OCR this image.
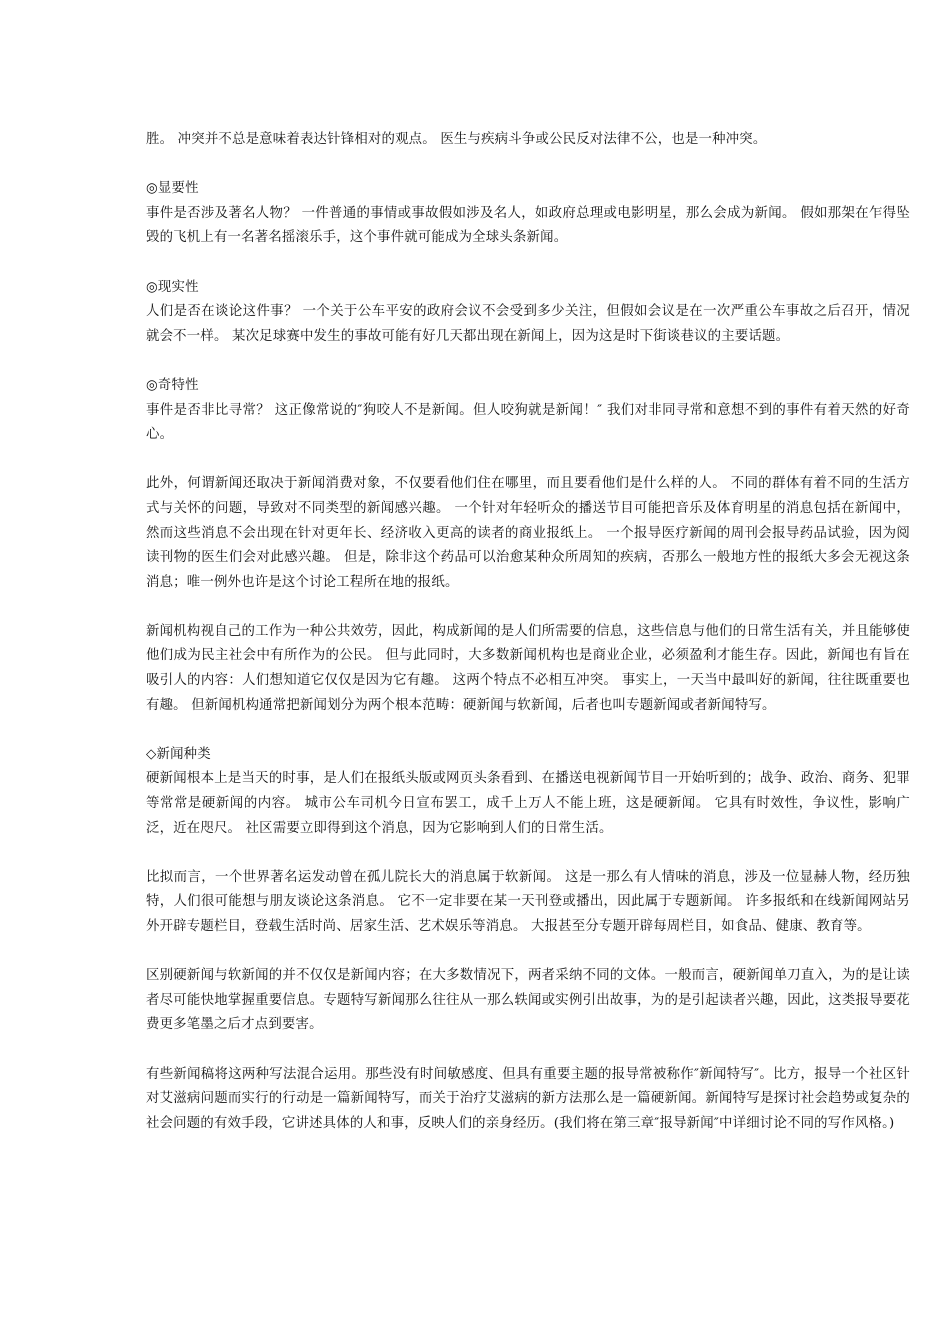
胜。 冲突并不总是意味着表达针锋相对的观点。 医生与疾病斗争或公民反对法律不公，也是一种冲突。

◎显要性
事件是否涉及著名人物？ 一件普通的事情或事故假如涉及名人，如政府总理或电影明星，那么会成为新闻。 假如那架在乍得坠毁的飞机上有一名著名摇滚乐手，这个事件就可能成为全球头条新闻。
◎现实性
人们是否在谈论这件事？ 一个关于公车平安的政府会议不会受到多少关注，但假如会议是在一次严重公车事故之后召开，情况就会不一样。 某次足球赛中发生的事故可能有好几天都出现在新闻上，因为这是时下街谈巷议的主要话题。
◎奇特性
事件是否非比寻常？ 这正像常说的″狗咬人不是新闻。但人咬狗就是新闻！″ 我们对非同寻常和意想不到的事件有着天然的好奇心。

此外，何谓新闻还取决于新闻消费对象，不仅要看他们住在哪里，而且要看他们是什么样的人。 不同的群体有着不同的生活方式与关怀的问题，导致对不同类型的新闻感兴趣。 一个针对年轻听众的播送节目可能把音乐及体育明星的消息包括在新闻中，然而这些消息不会出现在针对更年长、经济收入更高的读者的商业报纸上。 一个报导医疗新闻的周刊会报导药品试验，因为阅读刊物的医生们会对此感兴趣。 但是，除非这个药品可以治愈某种众所周知的疾病，否那么一般地方性的报纸大多会无视这条消息；唯一例外也许是这个讨论工程所在地的报纸。

新闻机构视自己的工作为一种公共效劳，因此，构成新闻的是人们所需要的信息，这些信息与他们的日常生活有关，并且能够使他们成为民主社会中有所作为的公民。 但与此同时，大多数新闻机构也是商业企业，必须盈利才能生存。因此，新闻也有旨在吸引人的内容：人们想知道它仅仅是因为它有趣。 这两个特点不必相互冲突。 事实上，一天当中最叫好的新闻，往往既重要也有趣。 但新闻机构通常把新闻划分为两个根本范畴：硬新闻与软新闻，后者也叫专题新闻或者新闻特写。

◇新闻种类
硬新闻根本上是当天的时事，是人们在报纸头版或网页头条看到、在播送电视新闻节目一开始听到的；战争、政治、商务、犯罪等常常是硬新闻的内容。 城市公车司机今日宣布罢工，成千上万人不能上班，这是硬新闻。 它具有时效性，争议性，影响广泛，近在咫尺。 社区需要立即得到这个消息，因为它影响到人们的日常生活。

比拟而言，一个世界著名运发动曾在孤儿院长大的消息属于软新闻。 这是一那么有人情味的消息，涉及一位显赫人物，经历独特，人们很可能想与朋友谈论这条消息。 它不一定非要在某一天刊登或播出，因此属于专题新闻。 许多报纸和在线新闻网站另外开辟专题栏目，登载生活时尚、居家生活、艺术娱乐等消息。 大报甚至分专题开辟每周栏目，如食品、健康、教育等。

区别硬新闻与软新闻的并不仅仅是新闻内容；在大多数情况下，两者采纳不同的文体。一般而言，硬新闻单刀直入，为的是让读者尽可能快地掌握重要信息。专题特写新闻那么往往从一那么轶闻或实例引出故事，为的是引起读者兴趣，因此，这类报导要花费更多笔墨之后才点到要害。

有些新闻稿将这两种写法混合运用。那些没有时间敏感度、但具有重要主题的报导常被称作″新闻特写″。比方，报导一个社区针对艾滋病问题而实行的行动是一篇新闻特写，而关于治疗艾滋病的新方法那么是一篇硬新闻。新闻特写是探讨社会趋势或复杂的社会问题的有效手段，它讲述具体的人和事，反映人们的亲身经历。(我们将在第三章″报导新闻″中详细讨论不同的写作风格。)
